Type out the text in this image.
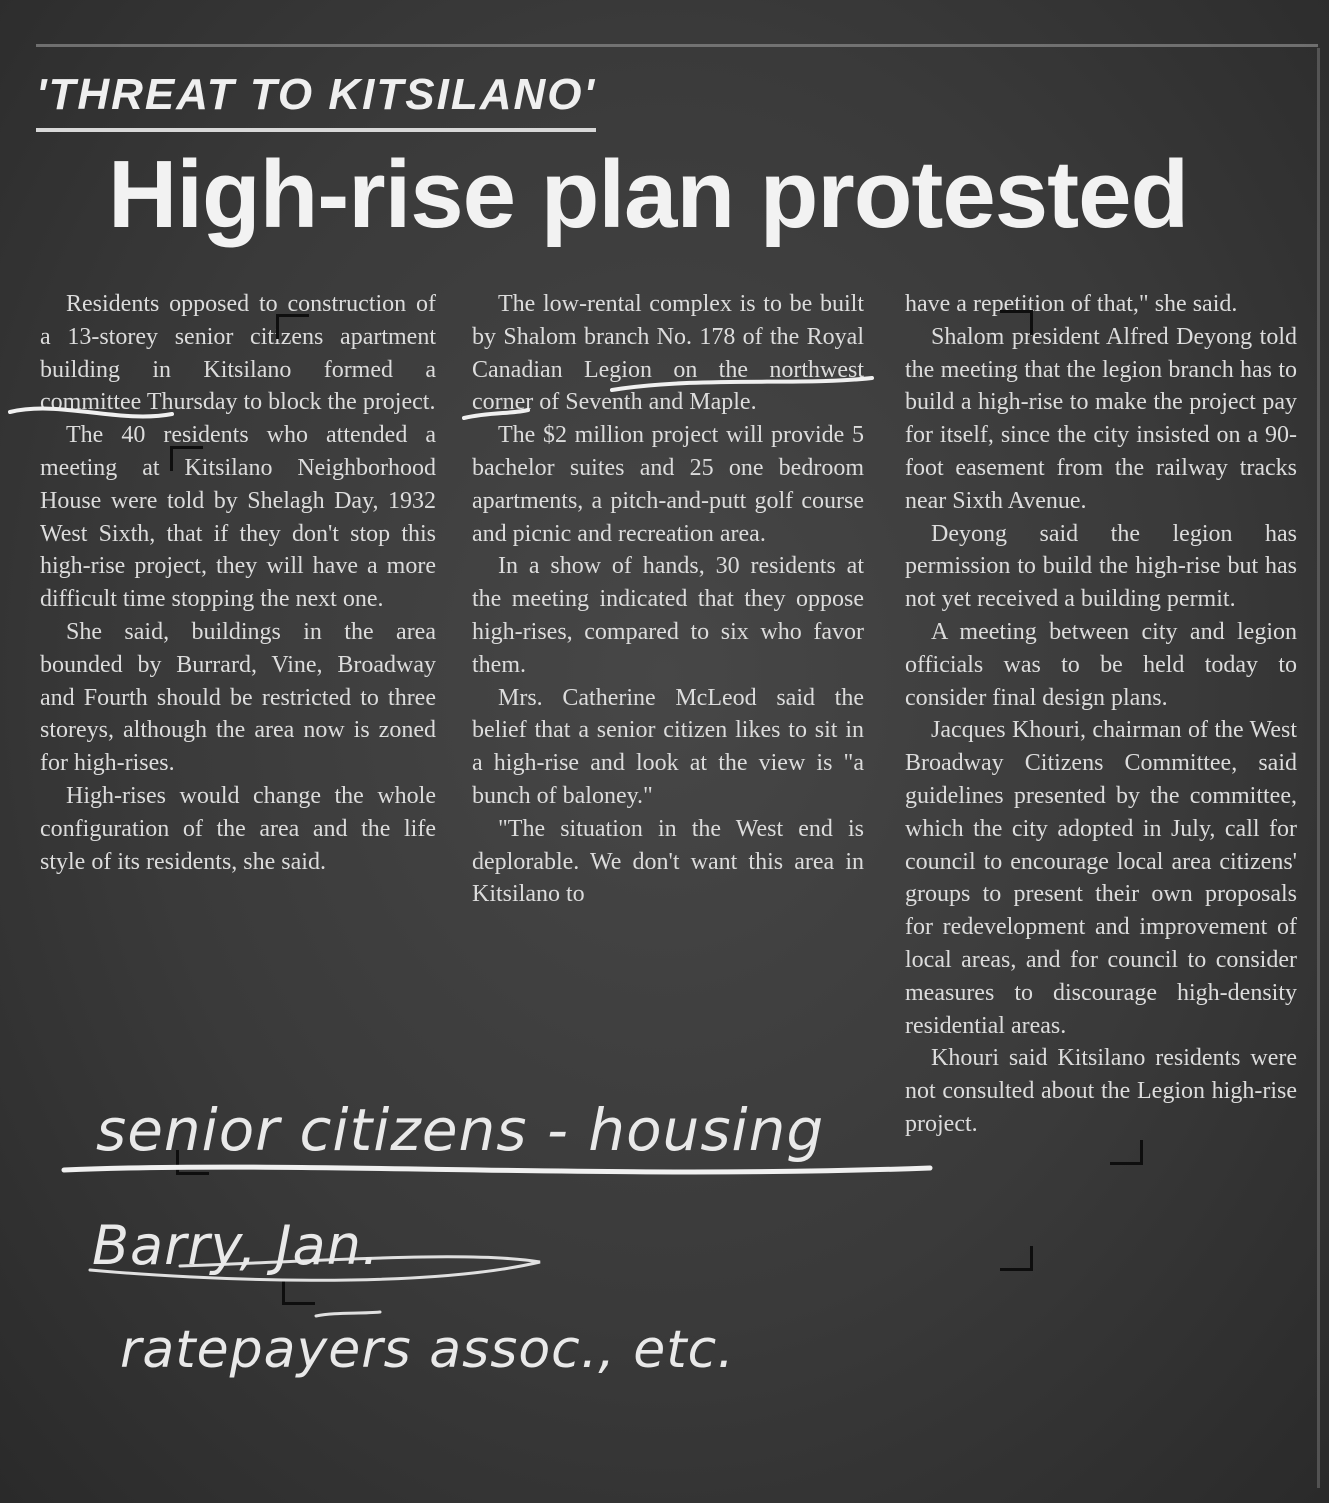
'THREAT TO KITSILANO'
High-rise plan protested

Residents opposed to construction of a 13-storey senior citizens apartment building in Kitsilano formed a committee Thursday to block the project.

The 40 residents who attended a meeting at Kitsilano Neighborhood House were told by Shelagh Day, 1932 West Sixth, that if they don't stop this high-rise project, they will have a more difficult time stopping the next one.

She said, buildings in the area bounded by Burrard, Vine, Broadway and Fourth should be restricted to three storeys, although the area now is zoned for high-rises.

High-rises would change the whole configuration of the area and the life style of its residents, she said.

The low-rental complex is to be built by Shalom branch No. 178 of the Royal Canadian Legion on the northwest corner of Seventh and Maple.

The $2 million project will provide 5 bachelor suites and 25 one bedroom apartments, a pitch-and-putt golf course and picnic and recreation area.

In a show of hands, 30 residents at the meeting indicated that they oppose high-rises, compared to six who favor them.

Mrs. Catherine McLeod said the belief that a senior citizen likes to sit in a high-rise and look at the view is "a bunch of baloney."

"The situation in the West end is deplorable. We don't want this area in Kitsilano to

have a repetition of that," she said.

Shalom president Alfred Deyong told the meeting that the legion branch has to build a high-rise to make the project pay for itself, since the city insisted on a 90-foot easement from the railway tracks near Sixth Avenue.

Deyong said the legion has permission to build the high-rise but has not yet received a building permit.

A meeting between city and legion officials was to be held today to consider final design plans.

Jacques Khouri, chairman of the West Broadway Citizens Committee, said guidelines presented by the committee, which the city adopted in July, call for council to encourage local area citizens' groups to present their own proposals for redevelopment and improvement of local areas, and for council to consider measures to discourage high-density residential areas.

Khouri said Kitsilano residents were not consulted about the Legion high-rise project.

senior citizens - housing
Barry, Jan.
ratepayers assoc., etc.
